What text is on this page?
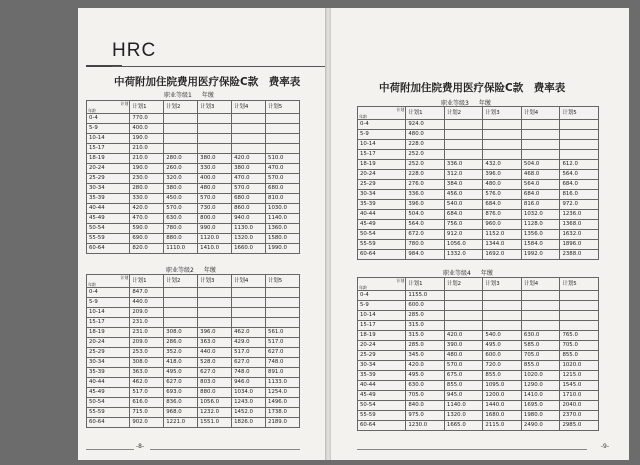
HRC
中荷附加住院费用医疗保险C款　费率表
职业等级1 年缴
年龄
计划	计划1	计划2	计划3	计划4	计划5
0-4	770.0				
5-9	400.0				
10-14	190.0				
15-17	210.0				
18-19	210.0	280.0	380.0	420.0	510.0
20-24	190.0	260.0	330.0	380.0	470.0
25-29	230.0	320.0	400.0	470.0	570.0
30-34	280.0	380.0	480.0	570.0	680.0
35-39	330.0	450.0	570.0	680.0	810.0
40-44	420.0	570.0	730.0	860.0	1030.0
45-49	470.0	630.0	800.0	940.0	1140.0
50-54	590.0	780.0	990.0	1130.0	1360.0
55-59	690.0	880.0	1120.0	1320.0	1580.0
60-64	820.0	1110.0	1410.0	1660.0	1990.0
职业等级2 年缴
年龄
计划	计划1	计划2	计划3	计划4	计划5
0-4	847.0				
5-9	440.0				
10-14	209.0				
15-17	231.0				
18-19	231.0	308.0	396.0	462.0	561.0
20-24	209.0	286.0	363.0	429.0	517.0
25-29	253.0	352.0	440.0	517.0	627.0
30-34	308.0	418.0	528.0	627.0	748.0
35-39	363.0	495.0	627.0	748.0	891.0
40-44	462.0	627.0	803.0	946.0	1133.0
45-49	517.0	693.0	880.0	1034.0	1254.0
50-54	616.0	836.0	1056.0	1243.0	1496.0
55-59	715.0	968.0	1232.0	1452.0	1738.0
60-64	902.0	1221.0	1551.0	1826.0	2189.0
-8-
中荷附加住院费用医疗保险C款　费率表
职业等级3 年缴
年龄
计划	计划1	计划2	计划3	计划4	计划5
0-4	924.0				
5-9	480.0				
10-14	228.0				
15-17	252.0				
18-19	252.0	336.0	432.0	504.0	612.0
20-24	228.0	312.0	396.0	468.0	564.0
25-29	276.0	384.0	480.0	564.0	684.0
30-34	336.0	456.0	576.0	684.0	816.0
35-39	396.0	540.0	684.0	816.0	972.0
40-44	504.0	684.0	876.0	1032.0	1236.0
45-49	564.0	756.0	960.0	1128.0	1368.0
50-54	672.0	912.0	1152.0	1356.0	1632.0
55-59	780.0	1056.0	1344.0	1584.0	1896.0
60-64	984.0	1332.0	1692.0	1992.0	2388.0
职业等级4 年缴
年龄
计划	计划1	计划2	计划3	计划4	计划5
0-4	1155.0				
5-9	600.0				
10-14	285.0				
15-17	315.0				
18-19	315.0	420.0	540.0	630.0	765.0
20-24	285.0	390.0	495.0	585.0	705.0
25-29	345.0	480.0	600.0	705.0	855.0
30-34	420.0	570.0	720.0	855.0	1020.0
35-39	495.0	675.0	855.0	1020.0	1215.0
40-44	630.0	855.0	1095.0	1290.0	1545.0
45-49	705.0	945.0	1200.0	1410.0	1710.0
50-54	840.0	1140.0	1440.0	1695.0	2040.0
55-59	975.0	1320.0	1680.0	1980.0	2370.0
60-64	1230.0	1665.0	2115.0	2490.0	2985.0
-9-
